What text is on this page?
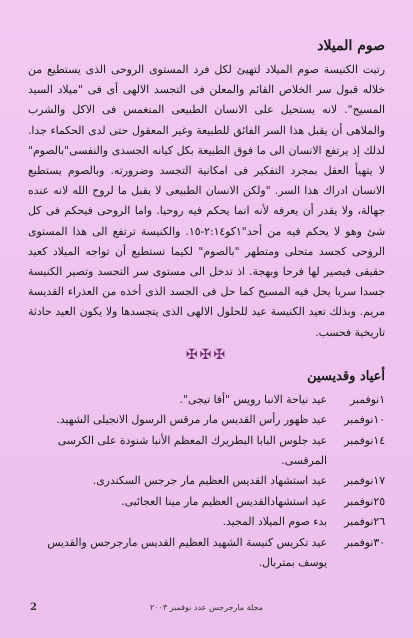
صوم الميلاد

رتبت الكنيسة صوم الميلاد لتهيئ لكل فرد المستوى الروحى الذى يستطيع من خلاله قبول سر الخلاص القائم والمعلن فى التجسد الالهى أى فى "ميلاد السيد المسيح". لانه يستحيل على الانسان الطبيعى المنغمس فى الاكل والشرب والملاهى أن يقبل هذا السر الفائق للطبيعة وغير المعقول حتى لدى الحكماء جدا. لذلك إذ يرتفع الانسان الى ما فوق الطبيعة بكل كيانه الجسدى والنفسى"بالصوم" لا يتهيأ العقل بمجرد التفكير فى امكانية التجسد وضرورته. وبالصوم يستطيع الانسان ادراك هذا السر. "ولكن الانسان الطبيعى لا يقبل ما لروح الله لانه عنده جهالة، ولا يقدر أن يعرفه لأنه انما يحكم فيه روحيا. واما الروحى فيحكم فى كل شئ وهو لا يحكم فيه من أحد"١كو٢:١٤-١٥. والكنيسة ترتفع الى هذا المستوى الروحى كجسد متحلى ومتطهر "بالصوم" لكيما تستطيع أن تواجه الميلاد كعيد حقيقى فيصير لها فرحا وبهجة. اذ تدخل الى مستوى سر التجسد وتصير الكنيسة جسدا سريا يحل فيه المسيح كما حل فى الجسد الذى أخذه من العذراء القديسة مريم. وبذلك تعيد الكنيسة عيد للحلول الالهى الذى يتجسدها ولا يكون العيد حادثة تاريخية فحسب.

✠✠✠
أعياد وقديسين
١نوفمبر
عيد نياحة الانبا رويس "أفا تيجى".
١٠نوفمبر
عيد ظهور رأس القديس مار مرقس الرسول الانجيلى الشهيد.
١٤نوفمبر
عيد جلوس البابا البطريرك المعظم الأنبا شنودة على الكرسى المرقسى.
١٧نوفمبر
عيد استشهاد القديس العظيم مار جرجس السكندرى.
٢٥نوفمبر
عيد استشهادالقديس العظيم مار مينا العجائبى.
٢٦نوفمبر
بدء صوم الميلاد المجيد.
٣٠نوفمبر
عيد تكريس كنيسة الشهيد العظيم القديس مارجرجس والقديس يوسف بمتربال.
مجلة مارجرجس عدد نوفمبر ٢٠٠٣
2
